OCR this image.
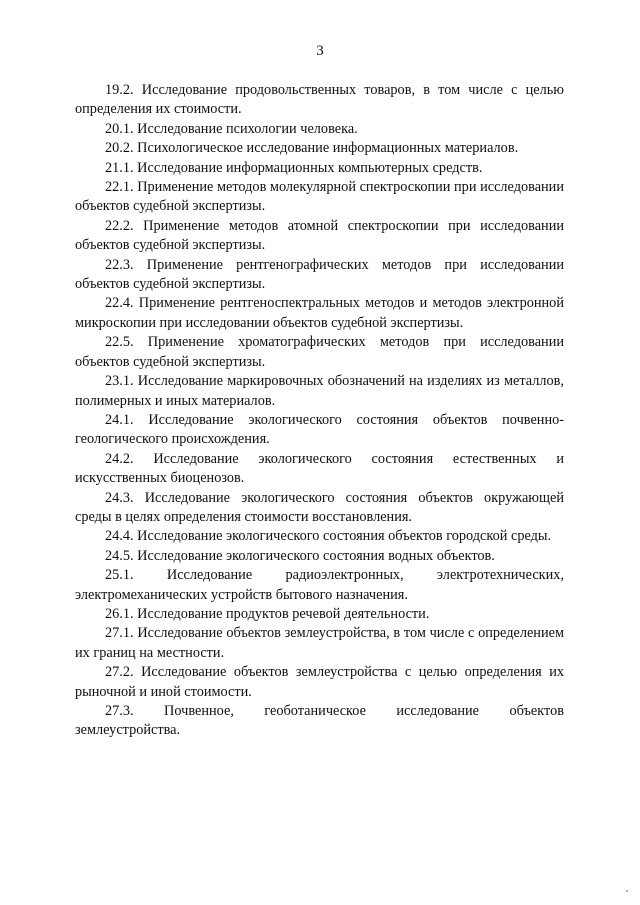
3

19.2. Исследование продовольственных товаров, в том числе с целью определения их стоимости.

20.1. Исследование психологии человека.

20.2. Психологическое исследование информационных материалов.

21.1. Исследование информационных компьютерных средств.

22.1. Применение методов молекулярной спектроскопии при исследовании объектов судебной экспертизы.

22.2. Применение методов атомной спектроскопии при исследовании объектов судебной экспертизы.

22.3. Применение рентгенографических методов при исследовании объектов судебной экспертизы.

22.4. Применение рентгеноспектральных методов и методов электронной микроскопии при исследовании объектов судебной экспертизы.

22.5. Применение хроматографических методов при исследовании объектов судебной экспертизы.

23.1. Исследование маркировочных обозначений на изделиях из металлов, полимерных и иных материалов.

24.1. Исследование экологического состояния объектов почвенно-геологического происхождения.

24.2. Исследование экологического состояния естественных и искусственных биоценозов.

24.3. Исследование экологического состояния объектов окружающей среды в целях определения стоимости восстановления.

24.4. Исследование экологического состояния объектов городской среды.

24.5. Исследование экологического состояния водных объектов.

25.1. Исследование радиоэлектронных, электротехнических, электромеханических устройств бытового назначения.

26.1. Исследование продуктов речевой деятельности.

27.1. Исследование объектов землеустройства, в том числе с определением их границ на местности.

27.2. Исследование объектов землеустройства с целью определения их рыночной и иной стоимости.

27.3. Почвенное, геоботаническое исследование объектов землеустройства.
